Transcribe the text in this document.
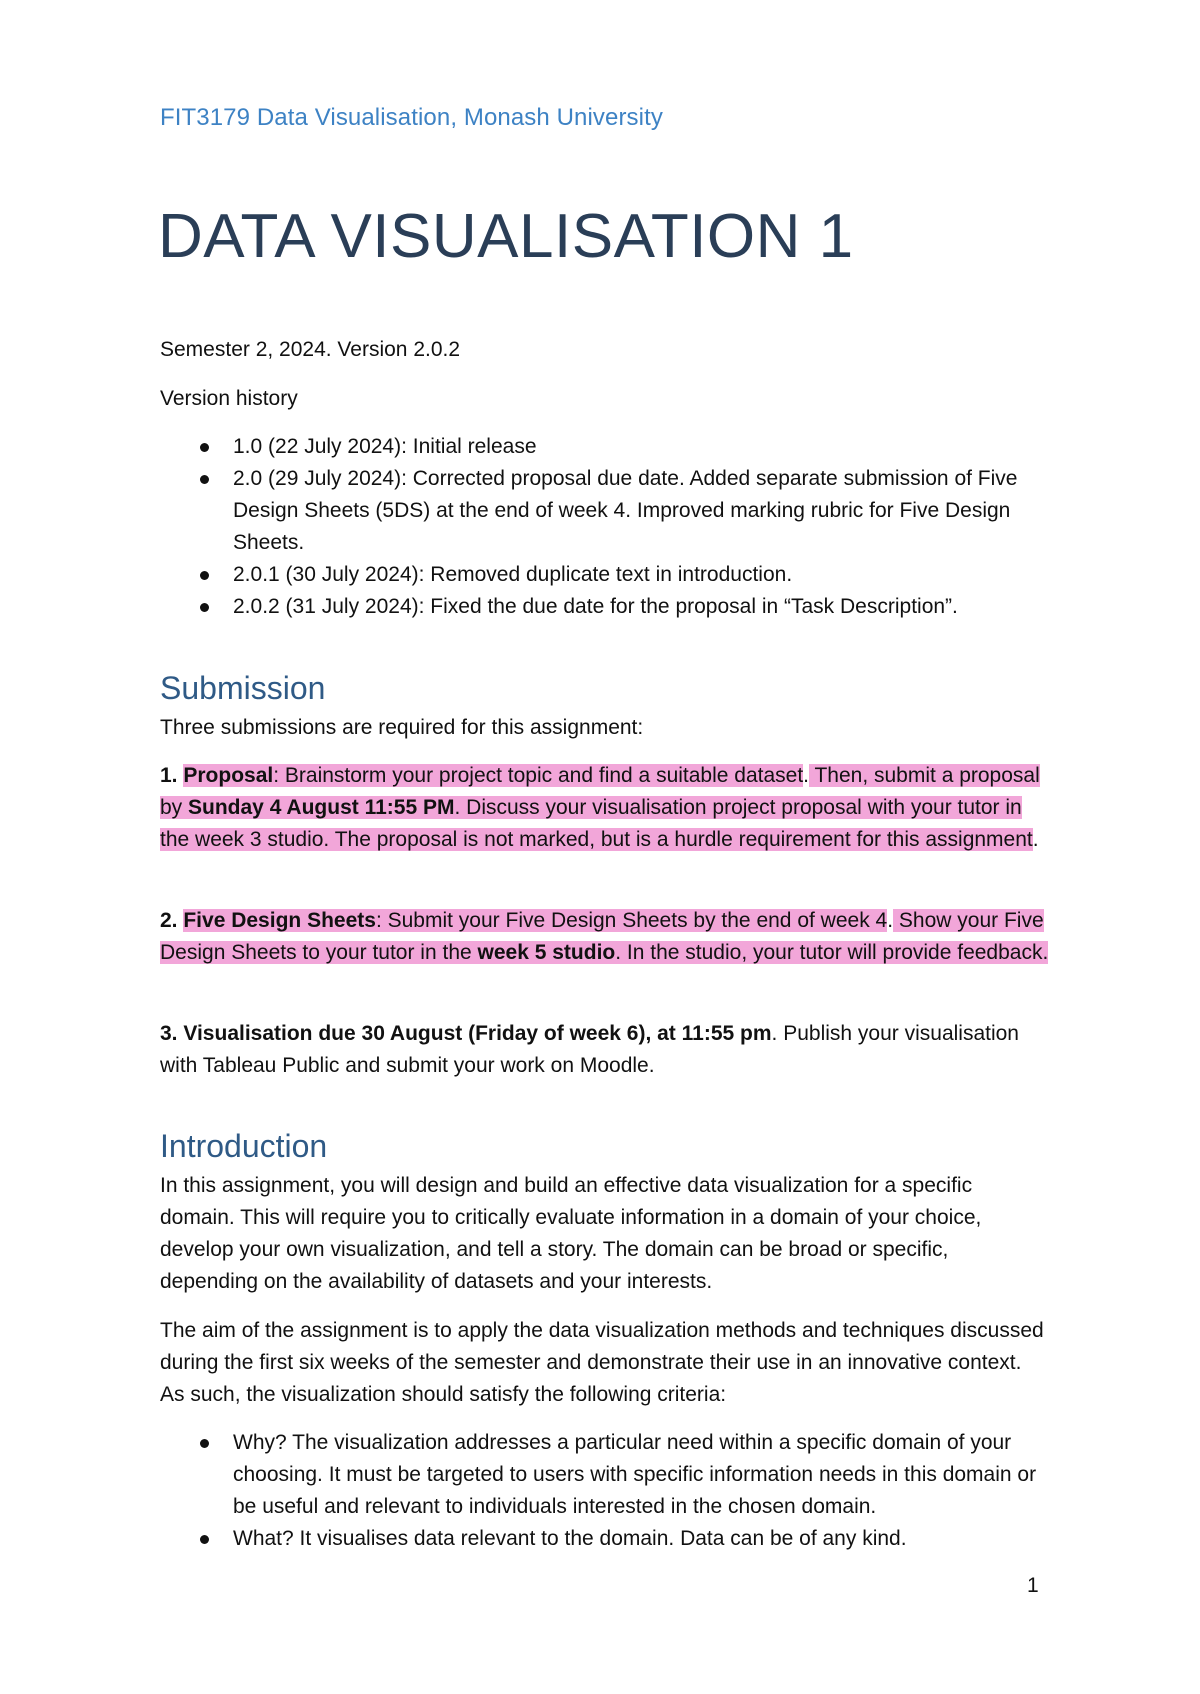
FIT3179 Data Visualisation, Monash University
DATA VISUALISATION 1
Semester 2, 2024. Version 2.0.2
Version history
1.0 (22 July 2024): Initial release
2.0 (29 July 2024): Corrected proposal due date. Added separate submission of Five Design Sheets (5DS) at the end of week 4. Improved marking rubric for Five Design Sheets.
2.0.1 (30 July 2024): Removed duplicate text in introduction.
2.0.2 (31 July 2024): Fixed the due date for the proposal in “Task Description”.
Submission
Three submissions are required for this assignment:
1. Proposal: Brainstorm your project topic and find a suitable dataset. Then, submit a proposal by Sunday 4 August 11:55 PM. Discuss your visualisation project proposal with your tutor in the week 3 studio. The proposal is not marked, but is a hurdle requirement for this assignment.
2. Five Design Sheets: Submit your Five Design Sheets by the end of week 4. Show your Five Design Sheets to your tutor in the week 5 studio. In the studio, your tutor will provide feedback.
3. Visualisation due 30 August (Friday of week 6), at 11:55 pm. Publish your visualisation with Tableau Public and submit your work on Moodle.
Introduction
In this assignment, you will design and build an effective data visualization for a specific domain. This will require you to critically evaluate information in a domain of your choice, develop your own visualization, and tell a story. The domain can be broad or specific, depending on the availability of datasets and your interests.
The aim of the assignment is to apply the data visualization methods and techniques discussed during the first six weeks of the semester and demonstrate their use in an innovative context. As such, the visualization should satisfy the following criteria:
Why? The visualization addresses a particular need within a specific domain of your choosing. It must be targeted to users with specific information needs in this domain or be useful and relevant to individuals interested in the chosen domain.
What? It visualises data relevant to the domain. Data can be of any kind.
1
